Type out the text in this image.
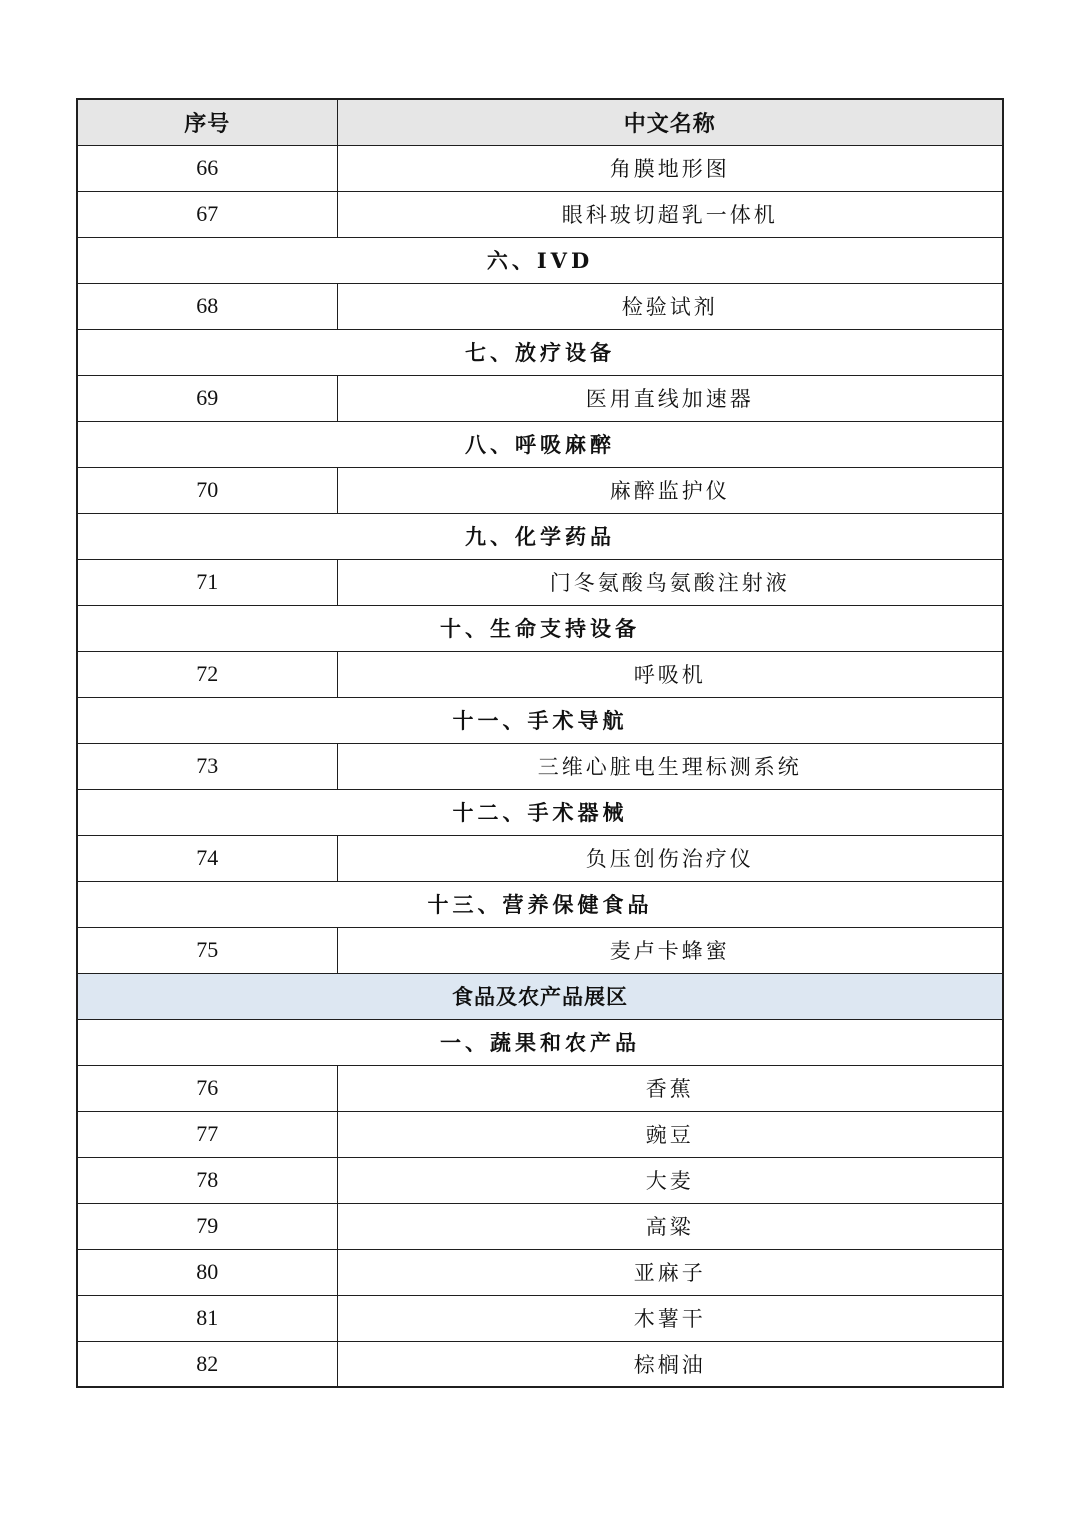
序号	中文名称
66	角膜地形图
67	眼科玻切超乳一体机
六、IVD	
68	检验试剂
七、放疗设备	
69	医用直线加速器
八、呼吸麻醉	
70	麻醉监护仪
九、化学药品	
71	门冬氨酸鸟氨酸注射液
十、生命支持设备	
72	呼吸机
十一、手术导航	
73	三维心脏电生理标测系统
十二、手术器械	
74	负压创伤治疗仪
十三、营养保健食品	
75	麦卢卡蜂蜜
食品及农产品展区	
一、蔬果和农产品	
76	香蕉
77	豌豆
78	大麦
79	高粱
80	亚麻子
81	木薯干
82	棕榈油
